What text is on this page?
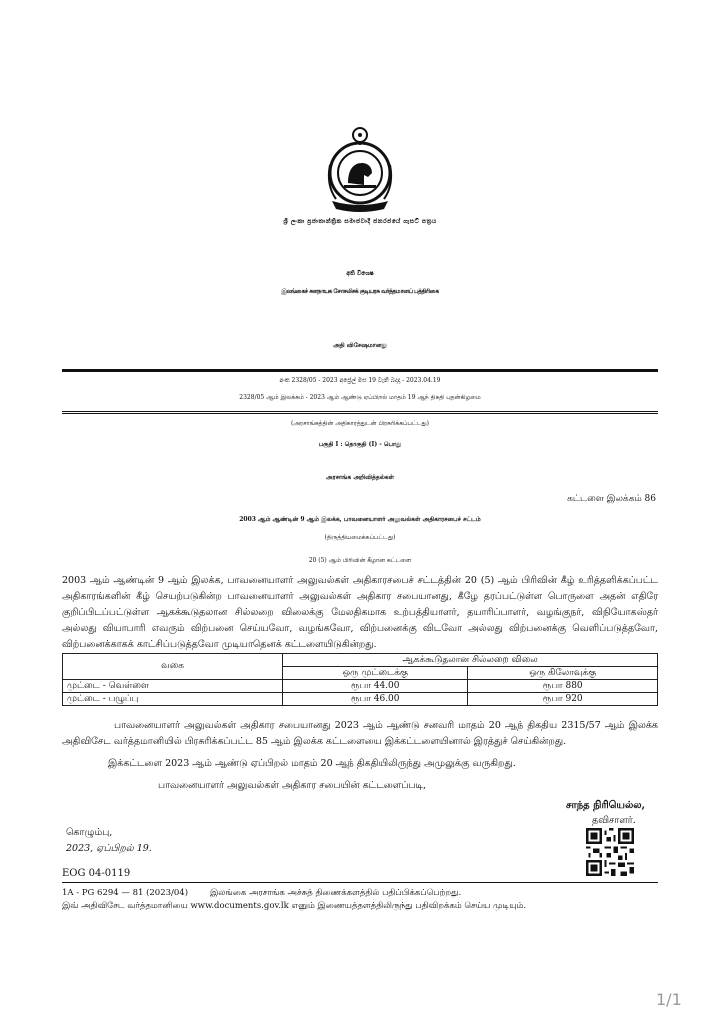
ශ්‍රී ලංකා ප්‍රජාතාන්ත්‍රික සමාජවාදී ජනරජයේ ගැසට් පත්‍රය
අති විශෙෂ
இலங்கைச் சனநாயக சோசலிசக் குடியரசு வர்த்தமானப் பத்திரிகை
அதி விசேஷமானது
අංක 2328/05 - 2023 අප්‍රේල් මස 19 වැනි බදාදා - 2023.04.19
2328/05 ஆம் இலக்கம் - 2023 ஆம் ஆண்டு ஏப்பிறல் மாதம் 19 ஆந் திகதி புதன்கிழமை
(அரசாங்கத்தின் அதிகாரத்துடன் பிரசுரிக்கப்பட்டது)
பகுதி I : தொகுதி (I) - பொது
அரசாங்க அறிவித்தல்கள்
கட்டளை இலக்கம் 86
2003 ஆம் ஆண்டின் 9 ஆம் இலக்க, பாவனையாளர் அலுவல்கள் அதிகாரசபைச் சட்டம்
(திருத்தியமைக்கப்பட்டது)
20 (5) ஆம் பிரிவின் கீழான கட்டளை
2003 ஆம் ஆண்டின் 9 ஆம் இலக்க, பாவனையாளர் அலுவல்கள் அதிகாரசபைச் சட்டத்தின் 20 (5) ஆம் பிரிவின் கீழ் உரித்தளிக்கப்பட்ட அதிகாரங்களின் கீழ் செயற்படுகின்ற பாவனையாளர் அலுவல்கள் அதிகார சபையானது, கீழே தரப்பட்டுள்ள பொருளை அதன் எதிரே குறிப்பிடப்பட்டுள்ள ஆகக்கூடுதலான சில்லறை விலைக்கு மேலதிகமாக உற்பத்தியாளர், தயாரிப்பாளர், வழங்குநர், விநியோகஸ்தர் அல்லது வியாபாரி எவரும் விற்பனை செய்யவோ, வழங்கவோ, விற்பனைக்கு விடவோ அல்லது விற்பனைக்கு வெளிப்படுத்தவோ, விற்பனைக்காகக் காட்சிப்படுத்தவோ முடியாதெனக் கட்டளையிடுகின்றது.
வகை	ஆகக்கூடுதலான சில்லறை விலை	
	ஒரு முட்டைக்கு	ஒரு கிலோவுக்கு
முட்டை - வெள்ளை	ரூபா 44.00	ரூபா 880
முட்டை - பழுப்பு	ரூபா 46.00	ரூபா 920
பாவனையாளர் அலுவல்கள் அதிகார சபையானது 2023 ஆம் ஆண்டு சனவரி மாதம் 20 ஆந் திகதிய 2315/57 ஆம் இலக்க அதிவிசேட வர்த்தமானியில் பிரசுரிக்கப்பட்ட 85 ஆம் இலக்க கட்டளையை இக்கட்டளையினால் இரத்துச் செய்கின்றது.
இக்கட்டளை 2023 ஆம் ஆண்டு ஏப்பிறல் மாதம் 20 ஆந் திகதியிலிருந்து அமுலுக்கு வருகிறது.
பாவனையாளர் அலுவல்கள் அதிகார சபையின் கட்டளைப்படி,
சாந்த நிரியெல்ல,
தவிசாளர்.
கொழும்பு,
2023, ஏப்பிறல் 19.
EOG 04-0119
1A - PG 6294 — 81 (2023/04)	இலங்கை அரசாங்க அச்சுத் திணைக்களத்தில் பதிப்பிக்கப்பெற்றது.
இவ் அதிவிசேட வர்த்தமானியை www.documents.gov.lk எனும் இணையத்தளத்திலிருந்து பதிவிறக்கம் செய்ய முடியும்.
1/1
